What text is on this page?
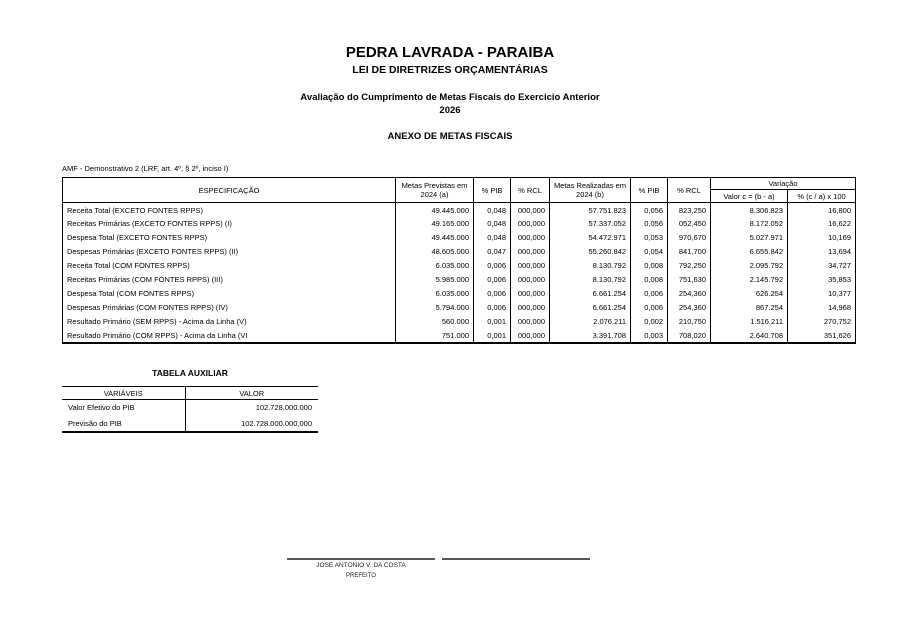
PEDRA LAVRADA - PARAIBA
LEI DE DIRETRIZES ORÇAMENTÁRIAS
Avaliação do Cumprimento de Metas Fiscais do Exercicio Anterior
2026
ANEXO DE METAS FISCAIS
AMF - Demonstrativo 2 (LRF, art. 4º, § 2º, inciso I)
ESPECIFICAÇÃO	Metas Previstas em 2024 (a)	% PIB	% RCL	Metas Realizadas em 2024 (b)	% PIB	% RCL	Variação	
							Valor c = (b - a)	% (c / a) x 100
Receita Total (EXCETO FONTES RPPS)	49.445.000	0,048	000,000	57.751.823	0,056	823,250	8.306.823	16,800
Receitas Primárias (EXCETO FONTES RPPS) (I)	49.165.000	0,048	000,000	57.337.052	0,056	052,450	8.172.052	16,622
Despesa Total (EXCETO FONTES RPPS)	49.445.000	0,048	000,000	54.472.971	0,053	970,670	5.027.971	10,169
Despesas Primárias (EXCETO FONTES RPPS) (II)	48.605.000	0,047	000,000	55.260.842	0,054	841,700	6.655.842	13,694
Receita Total (COM FONTES RPPS)	6.035.000	0,006	000,000	8.130.792	0,008	792,250	2.095.792	34,727
Receitas Primárias (COM FONTES RPPS) (III)	5.985.000	0,006	000,000	8.130.792	0,008	751,630	2.145.792	35,853
Despesa Total (COM FONTES RPPS)	6.035.000	0,006	000,000	6.661.254	0,006	254,360	626.254	10,377
Despesas Primárias (COM FONTES RPPS) (IV)	5.794.000	0,006	000,000	6.661.254	0,006	254,360	867.254	14,968
Resultado Primário (SEM RPPS) - Acima da Linha (V)	560.000	0,001	000,000	2.076.211	0,002	210,750	1.516.211	270,752
Resultado Primário (COM RPPS) - Acima da Linha (VI	751.000	0,001	000,000	3.391.708	0,003	708,020	2.640.708	351,626
TABELA AUXILIAR
VARIÁVEIS	VALOR
Valor Efetivo do PIB	102.728.000.000
Previsão do PIB	102.728.000.000,000
JOSE ANTONIO V. DA COSTA
PREFEITO
